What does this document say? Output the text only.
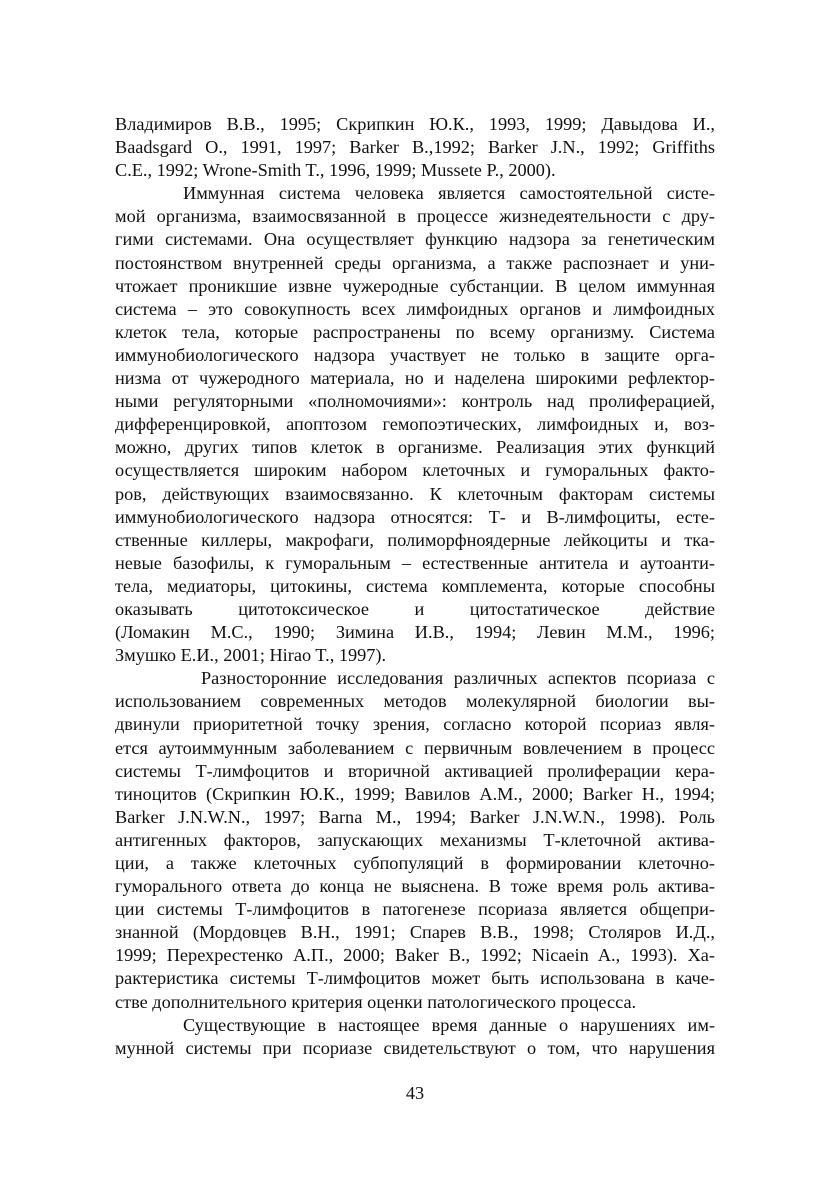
Владимиров В.В., 1995; Скрипкин Ю.К., 1993, 1999; Давыдова И.,
Baadsgard O., 1991, 1997; Barker B.,1992; Barker J.N., 1992; Griffiths
C.E., 1992; Wrone-Smith T., 1996, 1999; Mussete P., 2000).
Иммунная система человека является самостоятельной систе-
мой организма, взаимосвязанной в процессе жизнедеятельности с дру-
гими системами. Она осуществляет функцию надзора за генетическим
постоянством внутренней среды организма, а также распознает и уни-
чтожает проникшие извне чужеродные субстанции. В целом иммунная
система – это совокупность всех лимфоидных органов и лимфоидных
клеток тела, которые распространены по всему организму. Система
иммунобиологического надзора участвует не только в защите орга-
низма от чужеродного материала, но и наделена широкими рефлектор-
ными регуляторными «полномочиями»: контроль над пролиферацией,
дифференцировкой, апоптозом гемопоэтических, лимфоидных и, воз-
можно, других типов клеток в организме. Реализация этих функций
осуществляется широким набором клеточных и гуморальных факто-
ров, действующих взаимосвязанно. К клеточным факторам системы
иммунобиологического надзора относятся: Т- и В-лимфоциты, есте-
ственные киллеры, макрофаги, полиморфноядерные лейкоциты и тка-
невые базофилы, к гуморальным – естественные антитела и аутоанти-
тела, медиаторы, цитокины, система комплемента, которые способны
оказывать цитотоксическое и цитостатическое действие
(Ломакин М.С., 1990; Зимина И.В., 1994; Левин М.М., 1996;
Змушко Е.И., 2001; Hirao T., 1997).
Разносторонние исследования различных аспектов псориаза с
использованием современных методов молекулярной биологии вы-
двинули приоритетной точку зрения, согласно которой псориаз явля-
ется аутоиммунным заболеванием с первичным вовлечением в процесс
системы Т-лимфоцитов и вторичной активацией пролиферации кера-
тиноцитов (Скрипкин Ю.К., 1999; Вавилов А.М., 2000; Barker H., 1994;
Barker J.N.W.N., 1997; Barna M., 1994; Barker J.N.W.N., 1998). Роль
антигенных факторов, запускающих механизмы Т-клеточной актива-
ции, а также клеточных субпопуляций в формировании клеточно-
гуморального ответа до конца не выяснена. В тоже время роль актива-
ции системы Т-лимфоцитов в патогенезе псориаза является общепри-
знанной (Мордовцев В.Н., 1991; Спарев В.В., 1998; Столяров И.Д.,
1999; Перехрестенко А.П., 2000; Baker B., 1992; Nicaein A., 1993). Ха-
рактеристика системы Т-лимфоцитов может быть использована в каче-
стве дополнительного критерия оценки патологического процесса.
Существующие в настоящее время данные о нарушениях им-
мунной системы при псориазе свидетельствуют о том, что нарушения
43
